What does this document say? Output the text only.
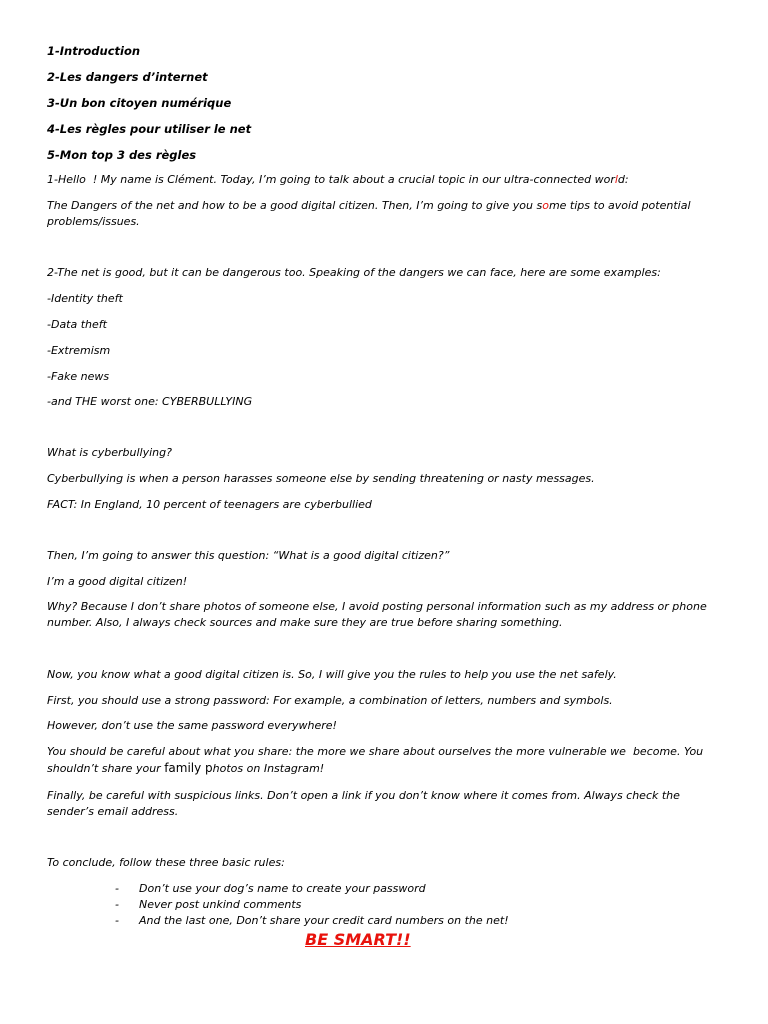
1-Introduction
2-Les dangers d’internet
3-Un bon citoyen numérique
4-Les règles pour utiliser le net
5-Mon top 3 des règles
1-Hello  ! My name is Clément. Today, I’m going to talk about a crucial topic in our ultra-connected world:
The Dangers of the net and how to be a good digital citizen. Then, I’m going to give you some tips to avoid potential problems/issues.
2-The net is good, but it can be dangerous too. Speaking of the dangers we can face, here are some examples:
-Identity theft
-Data theft
-Extremism
-Fake news
-and THE worst one: CYBERBULLYING
What is cyberbullying?
Cyberbullying is when a person harasses someone else by sending threatening or nasty messages.
FACT: In England, 10 percent of teenagers are cyberbullied
Then, I’m going to answer this question: “What is a good digital citizen?”
I’m a good digital citizen!
Why? Because I don’t share photos of someone else, I avoid posting personal information such as my address or phone number. Also, I always check sources and make sure they are true before sharing something.
Now, you know what a good digital citizen is. So, I will give you the rules to help you use the net safely.
First, you should use a strong password: For example, a combination of letters, numbers and symbols.
However, don’t use the same password everywhere!
You should be careful about what you share: the more we share about ourselves the more vulnerable we  become. You shouldn’t share your family photos on Instagram!
Finally, be careful with suspicious links. Don’t open a link if you don’t know where it comes from. Always check the sender’s email address.
To conclude, follow these three basic rules:
- Don’t use your dog’s name to create your password
- Never post unkind comments
- And the last one, Don’t share your credit card numbers on the net!
BE SMART!!
